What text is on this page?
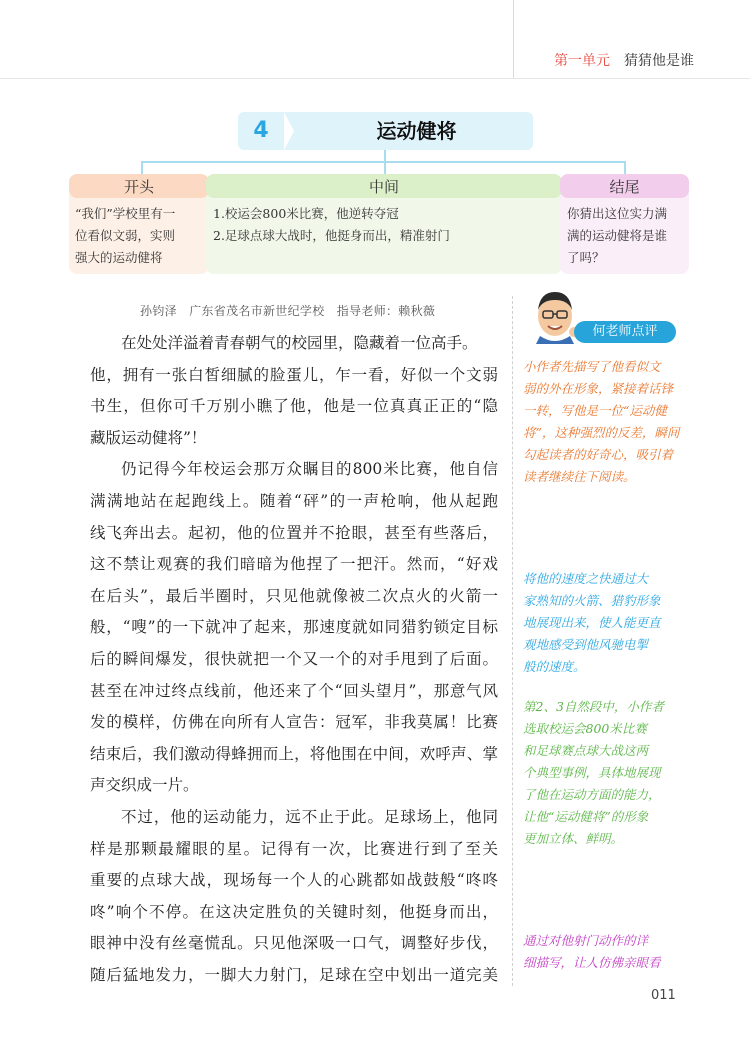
第一单元 猜猜他是谁
4	运动健将
开头	中间	结尾
“我们”学校里有一
位看似文弱，实则
强大的运动健将
1.校运会800米比赛，他逆转夺冠
2.足球点球大战时，他挺身而出，精准射门
你猜出这位实力满
满的运动健将是谁
了吗？
孙钧泽　广东省茂名市新世纪学校　指导老师：赖秋薇
在处处洋溢着青春朝气的校园里，隐藏着一位高手。
他，拥有一张白皙细腻的脸蛋儿，乍一看，好似一个文弱
书生，但你可千万别小瞧了他，他是一位真真正正的“隐
藏版运动健将”！
仍记得今年校运会那万众瞩目的800米比赛，他自信
满满地站在起跑线上。随着“砰”的一声枪响，他从起跑
线飞奔出去。起初，他的位置并不抢眼，甚至有些落后，
这不禁让观赛的我们暗暗为他捏了一把汗。然而，“好戏
在后头”，最后半圈时，只见他就像被二次点火的火箭一
般，“嗖”的一下就冲了起来，那速度就如同猎豹锁定目标
后的瞬间爆发，很快就把一个又一个的对手甩到了后面。
甚至在冲过终点线前，他还来了个“回头望月”，那意气风
发的模样，仿佛在向所有人宣告：冠军，非我莫属！比赛
结束后，我们激动得蜂拥而上，将他围在中间，欢呼声、掌
声交织成一片。
不过，他的运动能力，远不止于此。足球场上，他同
样是那颗最耀眼的星。记得有一次，比赛进行到了至关
重要的点球大战，现场每一个人的心跳都如战鼓般“咚咚
咚”响个不停。在这决定胜负的关键时刻，他挺身而出，
何老师点评
小作者先描写了他看似文
弱的外在形象，紧接着话锋
一转，写他是一位“运动健
将”，这种强烈的反差，瞬间
勾起读者的好奇心，吸引着
读者继续往下阅读。
将他的速度之快通过大
家熟知的火箭、猎豹形象
地展现出来，使人能更直
观地感受到他风驰电掣
般的速度。
第2、3自然段中，小作者
选取校运会800米比赛
和足球赛点球大战这两
个典型事例，具体地展现
了他在运动方面的能力，
让他“运动健将”的形象
更加立体、鲜明。
通过对他射门动作的详
细描写，让人仿佛亲眼看
011
眼神中没有丝毫慌乱。只见他深吸一口气，调整好步伐，
随后猛地发力，一脚大力射门，足球在空中划出一道完美
